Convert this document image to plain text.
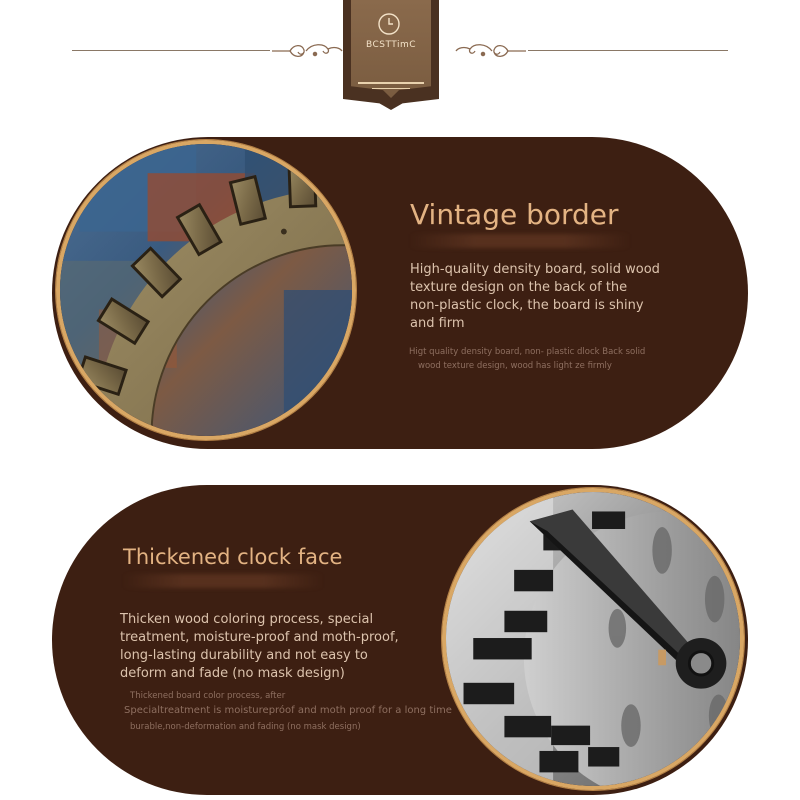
BCSTTimC
Vintage border
High-quality density board, solid wood texture design on the back of the non-plastic clock, the board is shiny and firm
Higt quality density board, non- plastic dlock Back solid
wood texture design, wood has light ze firmly
Thickened clock face
Thicken wood coloring process, special treatment, moisture-proof and moth-proof, long-lasting durability and not easy to deform and fade (no mask design)
Thickened board color process, after
Specialtreatment is moisturepróof and moth proof for a long time
burable,non-deformation and fading (no mask design)
